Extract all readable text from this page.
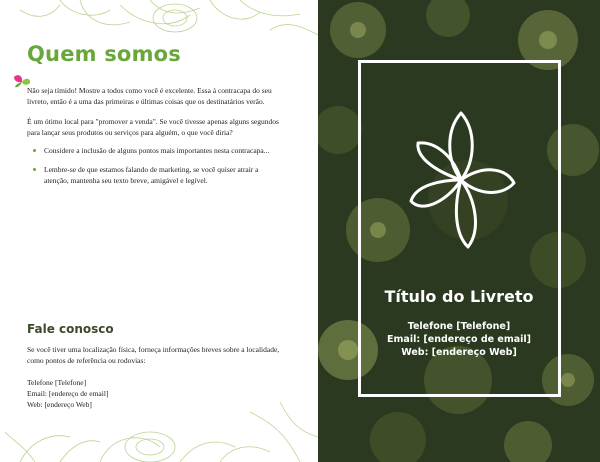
Quem somos
Não seja tímido! Mostre a todos como você é excelente. Essa á contracapa do seu livreto, então é a uma das primeiras e últimas coisas que os destinatários verão.
É um ótimo local para "promover a venda". Se você tivesse apenas alguns segundos para lançar seus produtos ou serviços para alguém, o que você diria?
Considere a inclusão de alguns pontos mais importantes nesta contracapa...
Lembre-se de que estamos falando de marketing, se você quiser atrair a atenção, mantenha seu texto breve, amigável e legível.
Fale conosco
Se você tiver uma localização física, forneça informações breves sobre a localidade, como pontos de referência ou rodovias:
Telefone [Telefone]
Email: [endereço de email]
Web: [endereço Web]
Título do Livreto
Telefone [Telefone]
Email: [endereço de email]
Web: [endereço Web]
